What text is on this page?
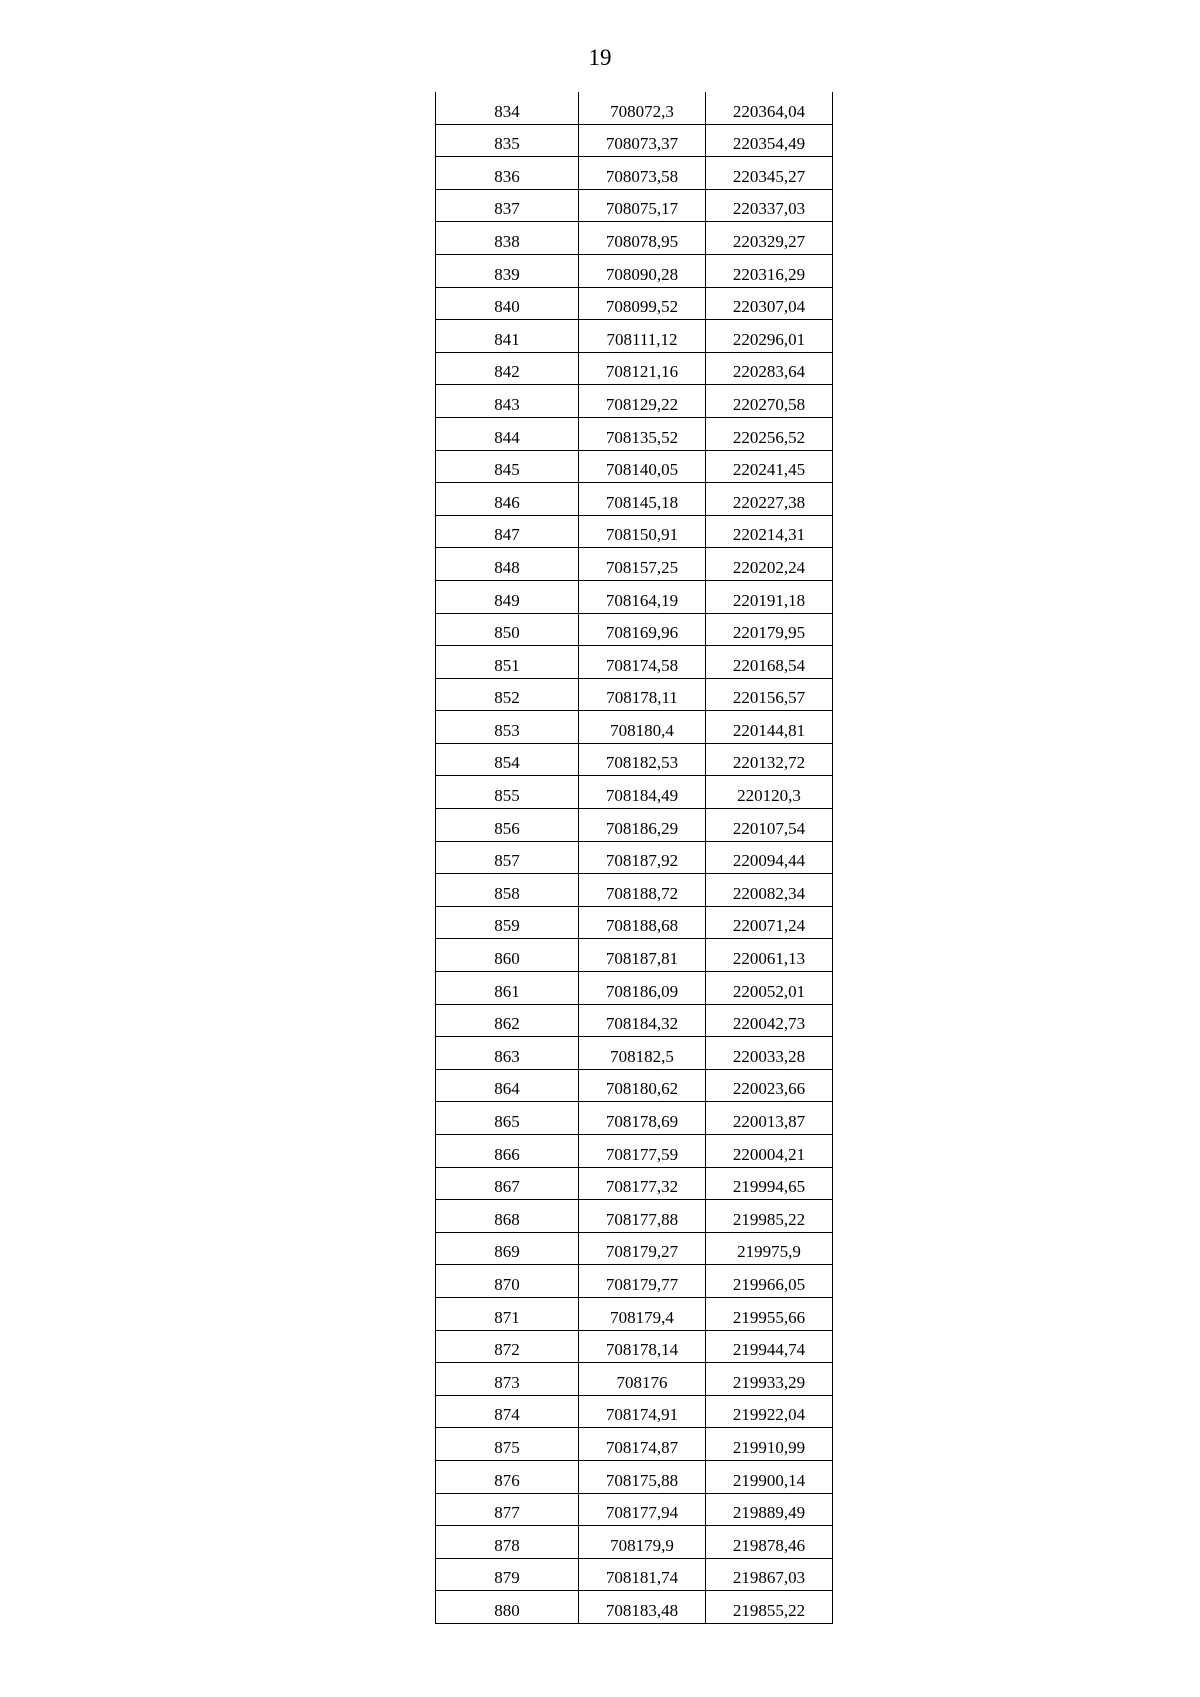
19
834	708072,3	220364,04
835	708073,37	220354,49
836	708073,58	220345,27
837	708075,17	220337,03
838	708078,95	220329,27
839	708090,28	220316,29
840	708099,52	220307,04
841	708111,12	220296,01
842	708121,16	220283,64
843	708129,22	220270,58
844	708135,52	220256,52
845	708140,05	220241,45
846	708145,18	220227,38
847	708150,91	220214,31
848	708157,25	220202,24
849	708164,19	220191,18
850	708169,96	220179,95
851	708174,58	220168,54
852	708178,11	220156,57
853	708180,4	220144,81
854	708182,53	220132,72
855	708184,49	220120,3
856	708186,29	220107,54
857	708187,92	220094,44
858	708188,72	220082,34
859	708188,68	220071,24
860	708187,81	220061,13
861	708186,09	220052,01
862	708184,32	220042,73
863	708182,5	220033,28
864	708180,62	220023,66
865	708178,69	220013,87
866	708177,59	220004,21
867	708177,32	219994,65
868	708177,88	219985,22
869	708179,27	219975,9
870	708179,77	219966,05
871	708179,4	219955,66
872	708178,14	219944,74
873	708176	219933,29
874	708174,91	219922,04
875	708174,87	219910,99
876	708175,88	219900,14
877	708177,94	219889,49
878	708179,9	219878,46
879	708181,74	219867,03
880	708183,48	219855,22
